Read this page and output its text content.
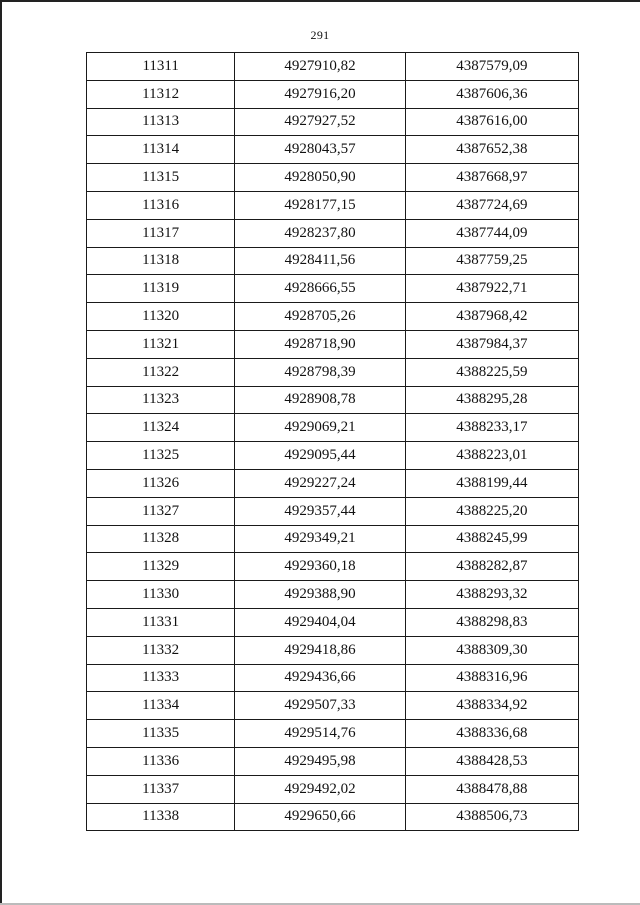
291
11311	4927910,82	4387579,09
11312	4927916,20	4387606,36
11313	4927927,52	4387616,00
11314	4928043,57	4387652,38
11315	4928050,90	4387668,97
11316	4928177,15	4387724,69
11317	4928237,80	4387744,09
11318	4928411,56	4387759,25
11319	4928666,55	4387922,71
11320	4928705,26	4387968,42
11321	4928718,90	4387984,37
11322	4928798,39	4388225,59
11323	4928908,78	4388295,28
11324	4929069,21	4388233,17
11325	4929095,44	4388223,01
11326	4929227,24	4388199,44
11327	4929357,44	4388225,20
11328	4929349,21	4388245,99
11329	4929360,18	4388282,87
11330	4929388,90	4388293,32
11331	4929404,04	4388298,83
11332	4929418,86	4388309,30
11333	4929436,66	4388316,96
11334	4929507,33	4388334,92
11335	4929514,76	4388336,68
11336	4929495,98	4388428,53
11337	4929492,02	4388478,88
11338	4929650,66	4388506,73
